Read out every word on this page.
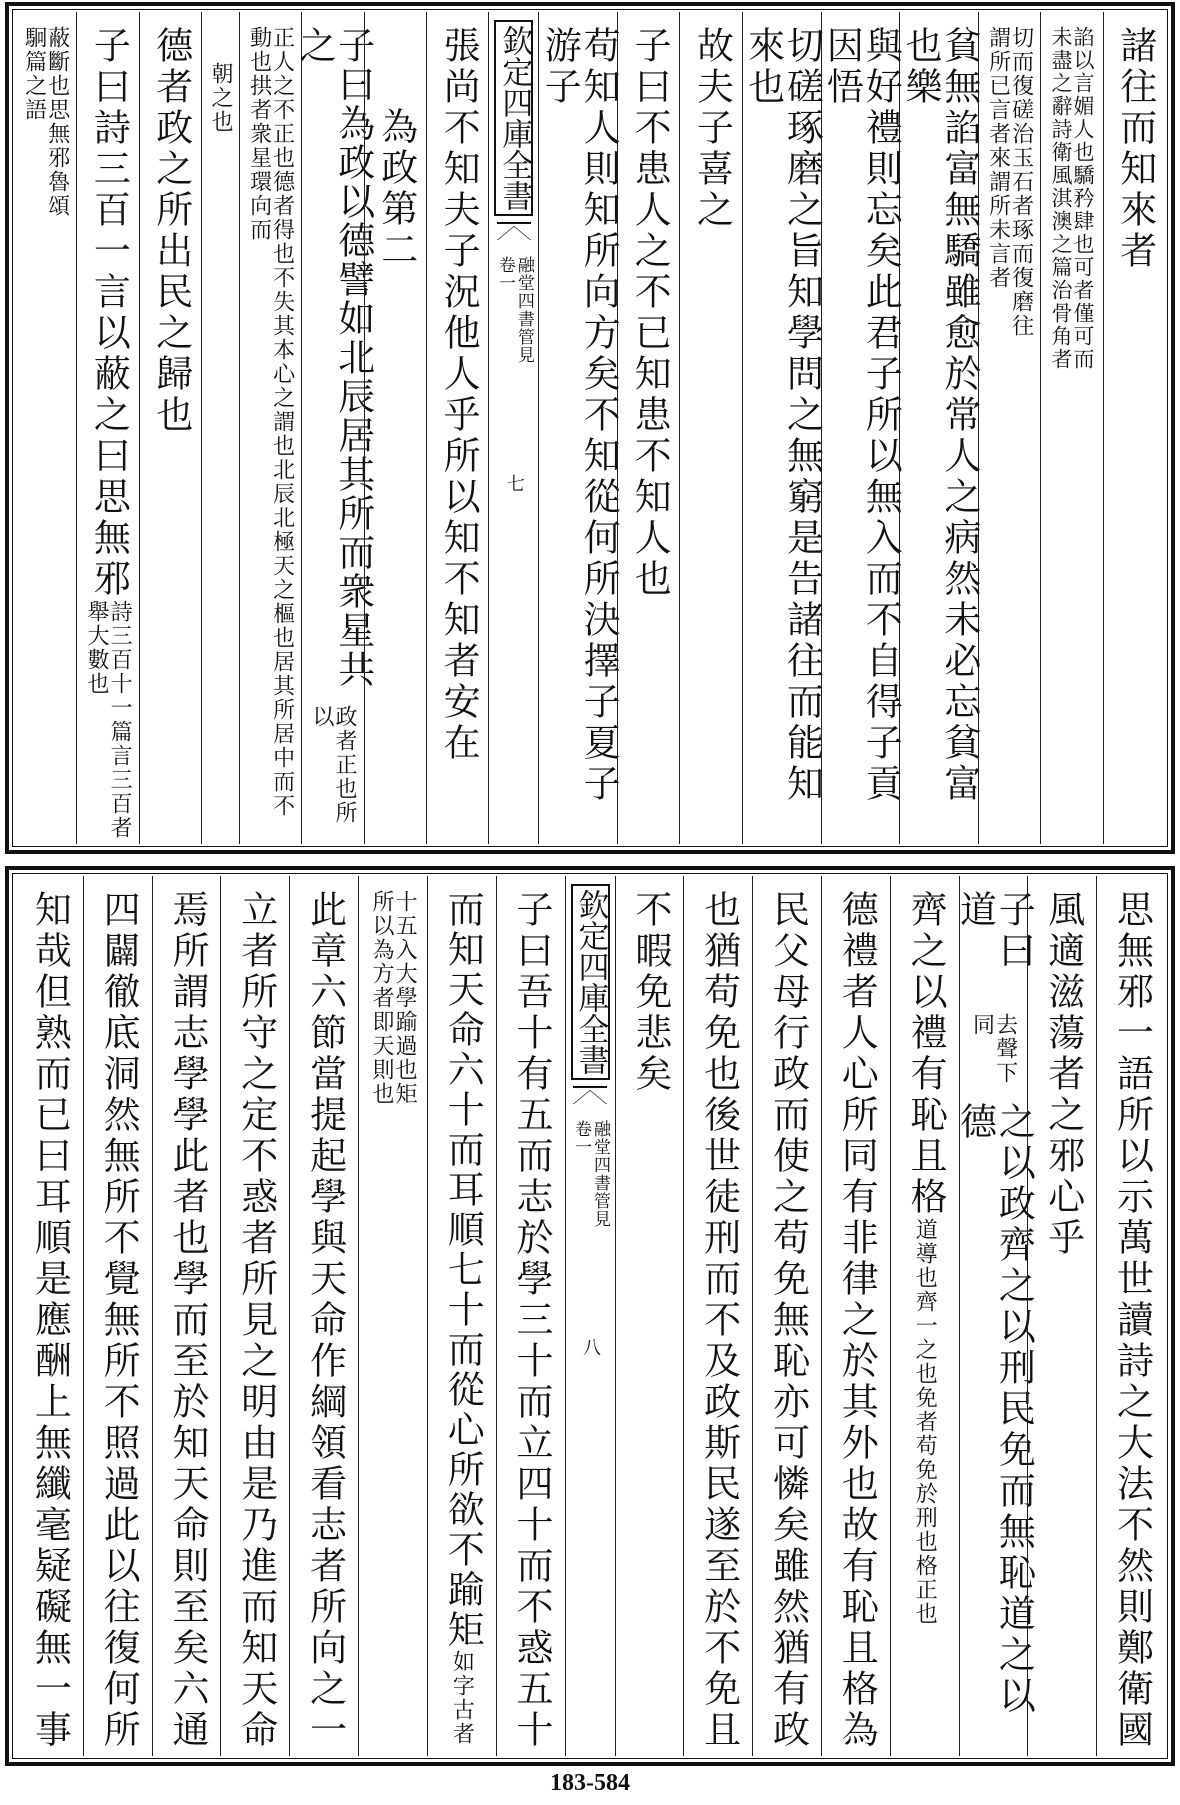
諸往而知來者
諂以言媚人也驕矜肆也可者僅可而未盡之辭詩衛風淇澳之篇治骨角者
切而復磋治玉石者琢而復磨往謂所已言者來謂所未言者
貧無諂富無驕雖愈於常人之病然未必忘貧富也樂
與好禮則忘矣此君子所以無入而不自得子貢因悟
切磋琢磨之旨知學問之無窮是告諸往而能知來也
故夫子喜之
子曰不患人之不已知患不知人也
苟知人則知所向方矣不知從何所決擇子夏子游子
欽定四庫全書
融堂四書管見
卷一
七
張尚不知夫子況他人乎所以知不知者安在
為政第二
子曰為政以德譬如北辰居其所而衆星共之
政者正也所以
正人之不正也德者得也不失其本心之謂也北辰北極天之樞也居其所居中而不動也拱者衆星環向而
朝之也
德者政之所出民之歸也
子曰詩三百一言以蔽之曰思無邪
詩三百十一篇言三百者舉大數也
蔽斷也思無邪魯頌駉篇之語
思無邪一語所以示萬世讀詩之大法不然則鄭衛國
風適滋蕩者之邪心乎
子曰道
去聲下同
之以政齊之以刑民免而無恥道之以德
齊之以禮有恥且格
道導也齊一之也免者苟免於刑也格正也
德禮者人心所同有非律之於其外也故有恥且格為
民父母行政而使之苟免無恥亦可憐矣雖然猶有政
也猶苟免也後世徒刑而不及政斯民遂至於不免且
不暇免悲矣
欽定四庫全書
融堂四書管見
卷一
八
子曰吾十有五而志於學三十而立四十而不惑五十
而知天命六十而耳順七十而從心所欲不踰矩
如字古者
十五入大學踰過也矩所以為方者即天則也
此章六節當提起學與天命作綱領看志者所向之一
立者所守之定不惑者所見之明由是乃進而知天命
焉所謂志學學此者也學而至於知天命則至矣六通
四闢徹底洞然無所不覺無所不照過此以往復何所
知哉但熟而已曰耳順是應酬上無纖毫疑礙無一事
183-584
